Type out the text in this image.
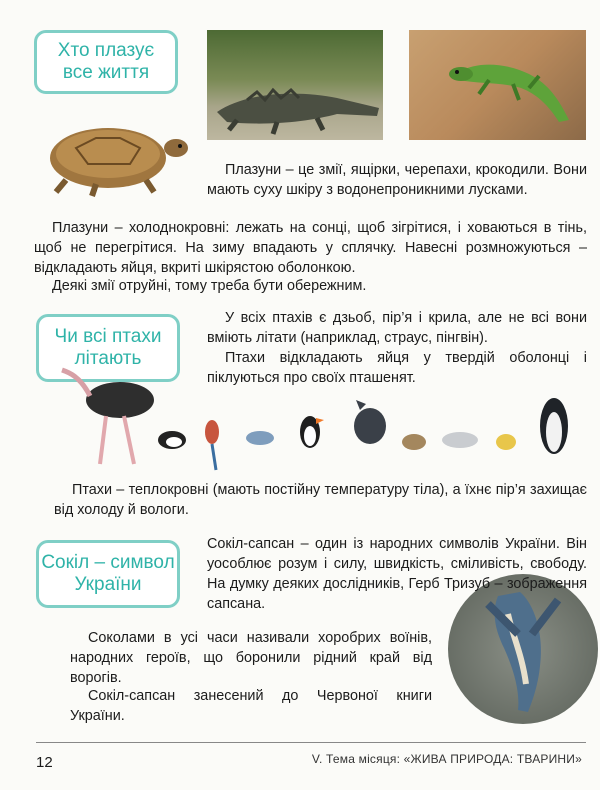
Хто плазує
все життя
Плазуни – це змії, ящірки, черепахи, крокодили. Вони мають суху шкіру з водонепроникними лусками.
Плазуни – холоднокровні: лежать на сонці, щоб зігрітися, і ховаються в тінь, щоб не перегрітися. На зиму впадають у сплячку. Навесні розмножуються – відкладають яйця, вкриті шкірястою оболонкою.
Деякі змії отруйні, тому треба бути обережним.
Чи всі птахи
літають
У всіх птахів є дзьоб, пір’я і крила, але не всі вони вміють літати (наприклад, страус, пінгвін).
Птахи відкладають яйця у твердій оболонці і піклуються про своїх пташенят.
Птахи – теплокровні (мають постійну температуру тіла), а їхнє пір’я захищає від холоду й вологи.
Сокіл – символ
України
Сокіл-сапсан – один із народних символів України. Він уособлює розум і силу, швидкість, сміливість, свободу. На думку деяких дослідників, Герб Тризуб – зображення сапсана.
Соколами в усі часи називали хоробрих воїнів, народних героїв, що боронили рідний край від ворогів.
Сокіл-сапсан занесений до Червоної книги України.
12	V. Тема місяця: «ЖИВА ПРИРОДА: ТВАРИНИ»
